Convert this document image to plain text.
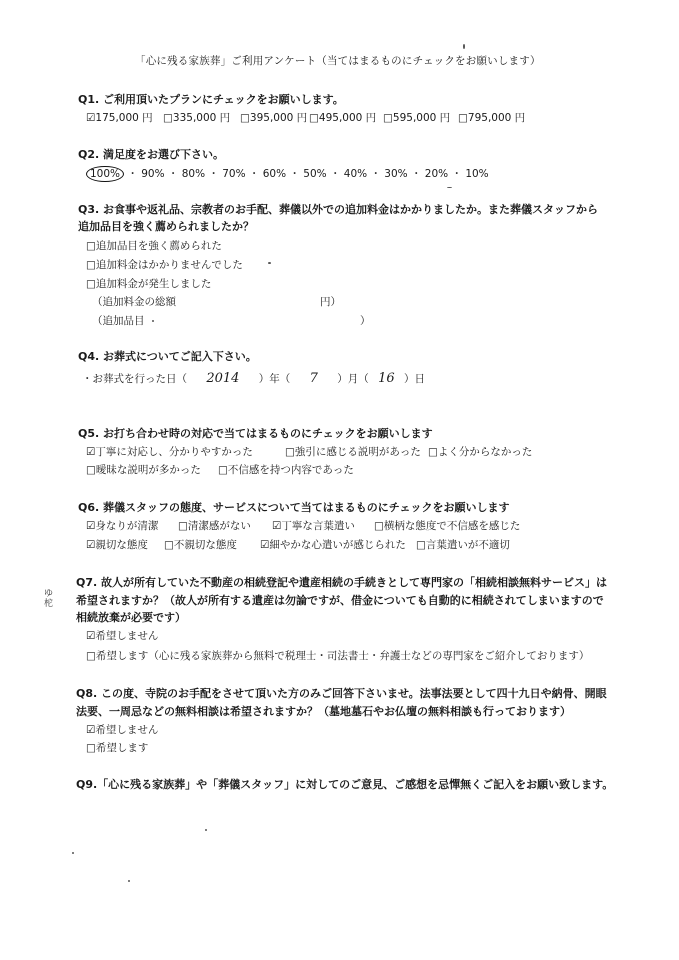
「心に残る家族葬」ご利用アンケート（当てはまるものにチェックをお願いします）
Q1. ご利用頂いたプランにチェックをお願いします。
☑175,000 円 □335,000 円 □395,000 円 □495,000 円 □595,000 円 □795,000 円
Q2. 満足度をお選び下さい。
100% ・ 90% ・ 80% ・ 70% ・ 60% ・ 50% ・ 40% ・ 30% ・ 20% ・ 10%
Q3. お食事や返礼品、宗教者のお手配、葬儀以外での追加料金はかかりましたか。また葬儀スタッフから
追加品目を強く薦められましたか？
□追加品目を強く薦められた
□追加料金はかかりませんでした
□追加料金が発生しました
（追加料金の総額	円）
（追加品目	）
Q4. お葬式についてご記入下さい。
・お葬式を行った日（ 2014 ）年（ 7 ）月（ 16 ）日
Q5. お打ち合わせ時の対応で当てはまるものにチェックをお願いします
☑丁寧に対応し、分かりやすかった	□強引に感じる説明があった □よく分からなかった
□曖昧な説明が多かった □不信感を持つ内容であった
Q6. 葬儀スタッフの態度、サービスについて当てはまるものにチェックをお願いします
☑身なりが清潔 □清潔感がない ☑丁寧な言葉遣い □横柄な態度で不信感を感じた
☑親切な態度 □不親切な態度 ☑細やかな心遣いが感じられた □言葉遣いが不適切
Q7. 故人が所有していた不動産の相続登記や遺産相続の手続きとして専門家の「相続相談無料サービス」は
希望されますか？（故人が所有する遺産は勿論ですが、借金についても自動的に相続されてしまいますので
相続放棄が必要です）
☑希望しません
□希望します（心に残る家族葬から無料で税理士・司法書士・弁護士などの専門家をご紹介しております）
ゆ
柁
Q8. この度、寺院のお手配をさせて頂いた方のみご回答下さいませ。法事法要として四十九日や納骨、開眼
法要、一周忌などの無料相談は希望されますか？（墓地墓石やお仏壇の無料相談も行っております）
☑希望しません
□希望します
Q9.「心に残る家族葬」や「葬儀スタッフ」に対してのご意見、ご感想を忌憚無くご記入をお願い致します。
